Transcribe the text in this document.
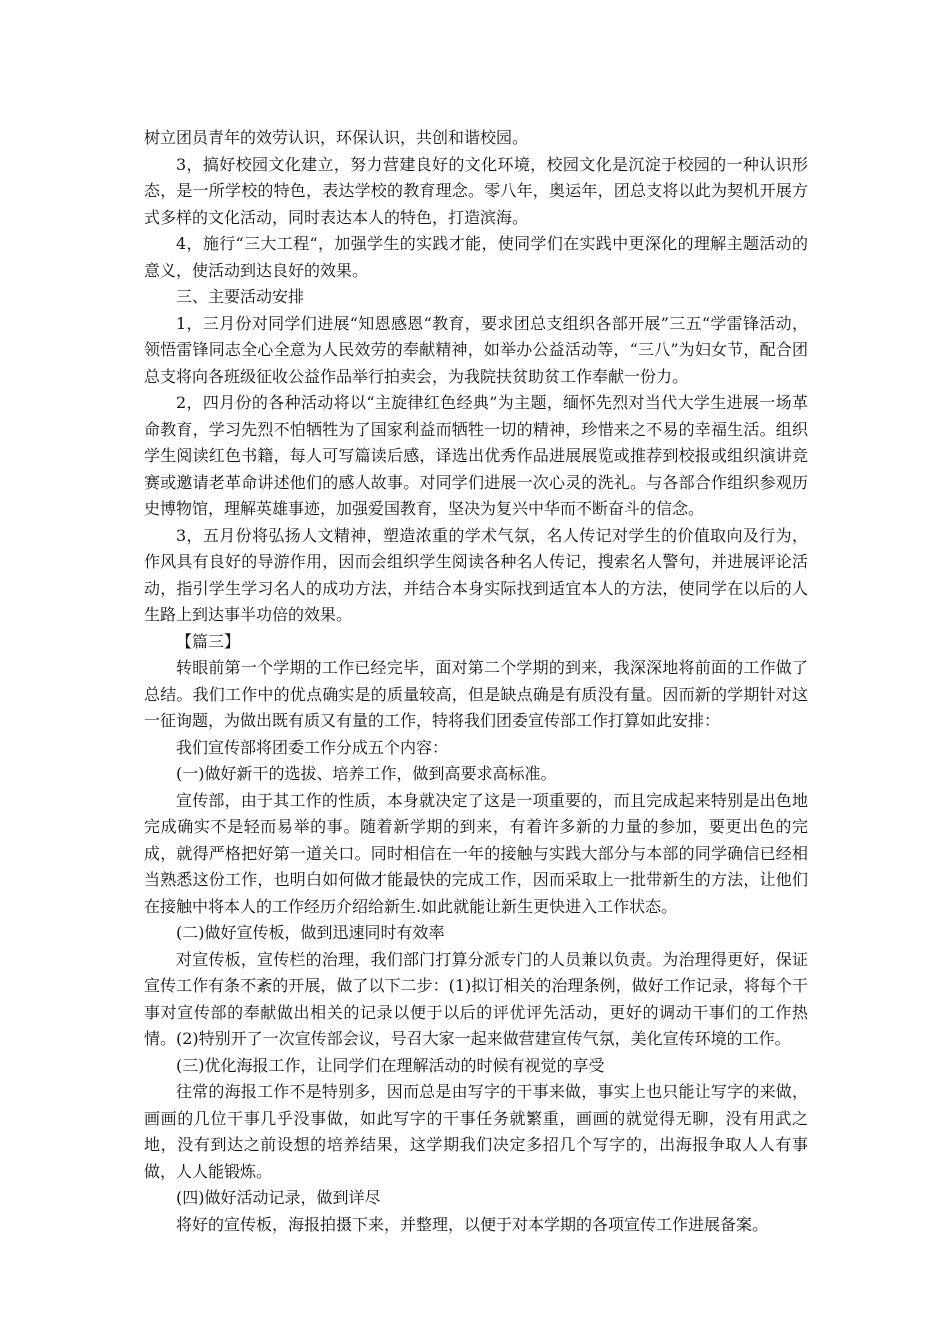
树立团员青年的效劳认识，环保认识，共创和谐校园。

3，搞好校园文化建立，努力营建良好的文化环境，校园文化是沉淀于校园的一种认识形态，是一所学校的特色，表达学校的教育理念。零八年，奥运年，团总支将以此为契机开展方式多样的文化活动，同时表达本人的特色，打造滨海。

4，施行“三大工程“，加强学生的实践才能，使同学们在实践中更深化的理解主题活动的意义，使活动到达良好的效果。

三、主要活动安排

1，三月份对同学们进展“知恩感恩“教育，要求团总支组织各部开展”三五“学雷锋活动，领悟雷锋同志全心全意为人民效劳的奉献精神，如举办公益活动等，“三八”为妇女节，配合团总支将向各班级征收公益作品举行拍卖会，为我院扶贫助贫工作奉献一份力。

2，四月份的各种活动将以“主旋律红色经典”为主题，缅怀先烈对当代大学生进展一场革命教育，学习先烈不怕牺牲为了国家利益而牺牲一切的精神，珍惜来之不易的幸福生活。组织学生阅读红色书籍，每人可写篇读后感，译选出优秀作品进展展览或推荐到校报或组织演讲竞赛或邀请老革命讲述他们的感人故事。对同学们进展一次心灵的洗礼。与各部合作组织参观历史博物馆，理解英雄事迹，加强爱国教育，坚决为复兴中华而不断奋斗的信念。

3，五月份将弘扬人文精神，塑造浓重的学术气氛，名人传记对学生的价值取向及行为，作风具有良好的导游作用，因而会组织学生阅读各种名人传记，搜索名人警句，并进展评论活动，指引学生学习名人的成功方法，并结合本身实际找到适宜本人的方法，使同学在以后的人生路上到达事半功倍的效果。

【篇三】

转眼前第一个学期的工作已经完毕，面对第二个学期的到来，我深深地将前面的工作做了总结。我们工作中的优点确实是的质量较高，但是缺点确是有质没有量。因而新的学期针对这一征询题，为做出既有质又有量的工作，特将我们团委宣传部工作打算如此安排：

我们宣传部将团委工作分成五个内容：

(一)做好新干的选拔、培养工作，做到高要求高标准。

宣传部，由于其工作的性质，本身就决定了这是一项重要的，而且完成起来特别是出色地完成确实不是轻而易举的事。随着新学期的到来，有着许多新的力量的参加，要更出色的完成，就得严格把好第一道关口。同时相信在一年的接触与实践大部分与本部的同学确信已经相当熟悉这份工作，也明白如何做才能最快的完成工作，因而采取上一批带新生的方法，让他们在接触中将本人的工作经历介绍给新生.如此就能让新生更快进入工作状态。

(二)做好宣传板，做到迅速同时有效率

对宣传板，宣传栏的治理，我们部门打算分派专门的人员兼以负责。为治理得更好，保证宣传工作有条不紊的开展，做了以下二步：(1)拟订相关的治理条例，做好工作记录，将每个干事对宣传部的奉献做出相关的记录以便于以后的评优评先活动，更好的调动干事们的工作热情。(2)特别开了一次宣传部会议，号召大家一起来做营建宣传气氛，美化宣传环境的工作。

(三)优化海报工作，让同学们在理解活动的时候有视觉的享受

往常的海报工作不是特别多，因而总是由写字的干事来做，事实上也只能让写字的来做，画画的几位干事几乎没事做，如此写字的干事任务就繁重，画画的就觉得无聊，没有用武之地，没有到达之前设想的培养结果，这学期我们决定多招几个写字的，出海报争取人人有事做，人人能锻炼。

(四)做好活动记录，做到详尽

将好的宣传板，海报拍摄下来，并整理，以便于对本学期的各项宣传工作进展备案。
